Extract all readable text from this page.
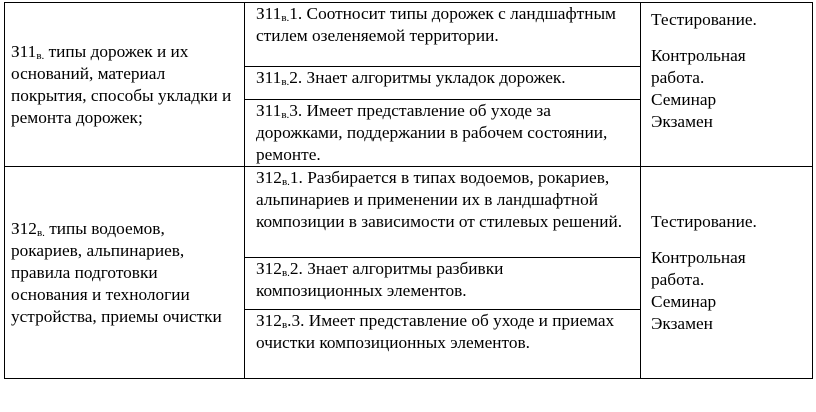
$З11_{в.}$ типы дорожек и их оснований, материал покрытия, способы укладки и ремонта дорожек;	$З11_{в.}1$. Соотносит типы дорожек с ландшафтным стилем озеленяемой территории.	Тестирование.
Контрольная работа.
Семинар
Экзамен

	$З11_{в.}2$. Знает алгоритмы укладок дорожек.	
	$З11_{в.}3$. Имеет представление об уходе за дорожками, поддержании в рабочем состоянии, ремонте.	
$З12_{в.}$ типы водоемов, рокариев, альпинариев, правила подготовки основания и технологии устройства, приемы очистки	$З12_{в.}1$. Разбирается в типах водоемов, рокариев, альпинариев и применении их в ландшафтной композиции в зависимости от стилевых решений.	Тестирование.
Контрольная работа.
Семинар
Экзамен

	$З12_{в.}2$. Знает алгоритмы разбивки композиционных элементов.	
	$З12_в.3$. Имеет представление об уходе и приемах очистки композиционных элементов.	
